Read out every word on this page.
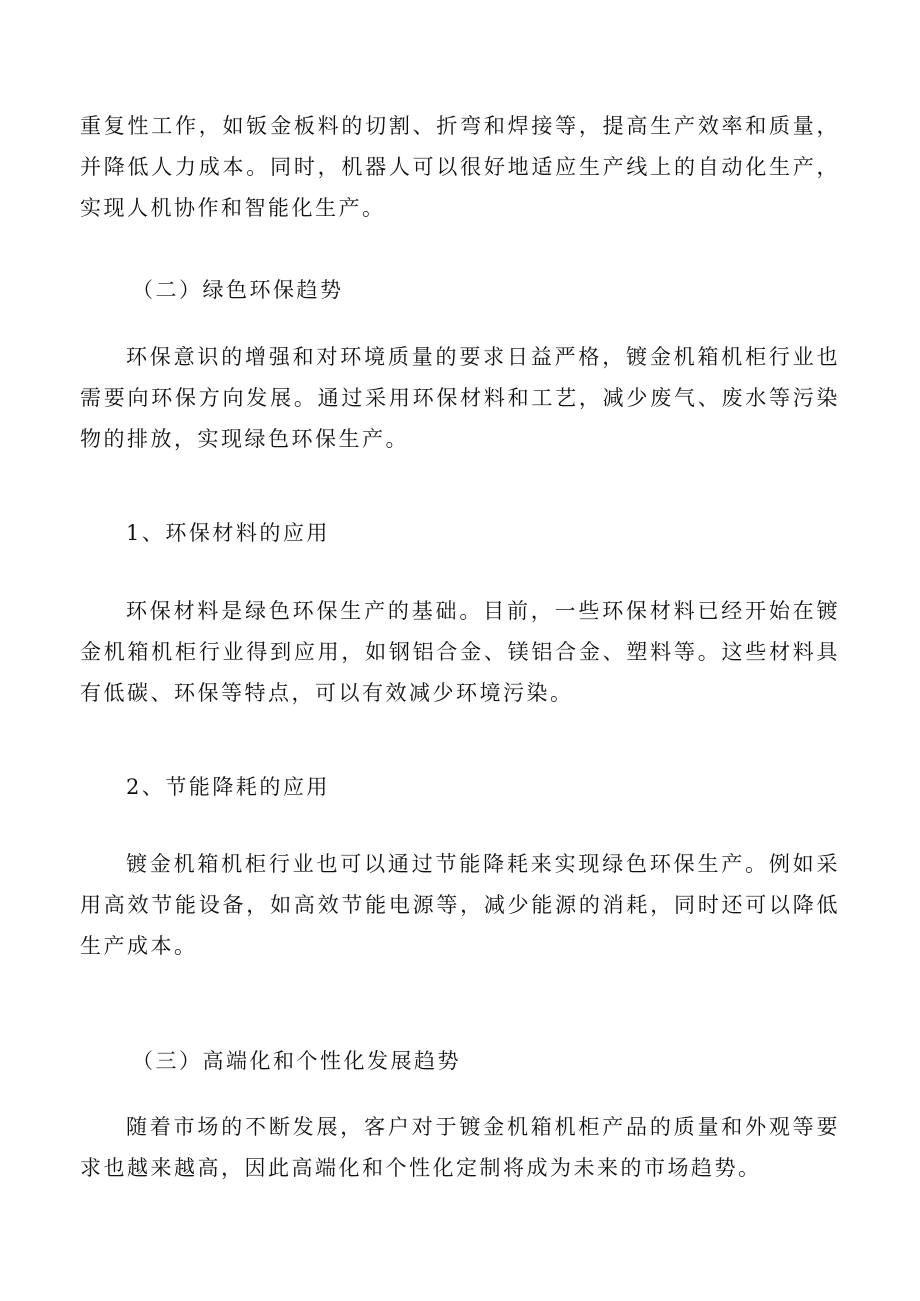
重复性工作，如钣金板料的切割、折弯和焊接等，提高生产效率和质量，并降低人力成本。同时，机器人可以很好地适应生产线上的自动化生产，实现人机协作和智能化生产。

（二）绿色环保趋势

环保意识的增强和对环境质量的要求日益严格，镀金机箱机柜行业也需要向环保方向发展。通过采用环保材料和工艺，减少废气、废水等污染物的排放，实现绿色环保生产。

1、环保材料的应用

环保材料是绿色环保生产的基础。目前，一些环保材料已经开始在镀金机箱机柜行业得到应用，如钢铝合金、镁铝合金、塑料等。这些材料具有低碳、环保等特点，可以有效减少环境污染。

2、节能降耗的应用

镀金机箱机柜行业也可以通过节能降耗来实现绿色环保生产。例如采用高效节能设备，如高效节能电源等，减少能源的消耗，同时还可以降低生产成本。

（三）高端化和个性化发展趋势

随着市场的不断发展，客户对于镀金机箱机柜产品的质量和外观等要求也越来越高，因此高端化和个性化定制将成为未来的市场趋势。
